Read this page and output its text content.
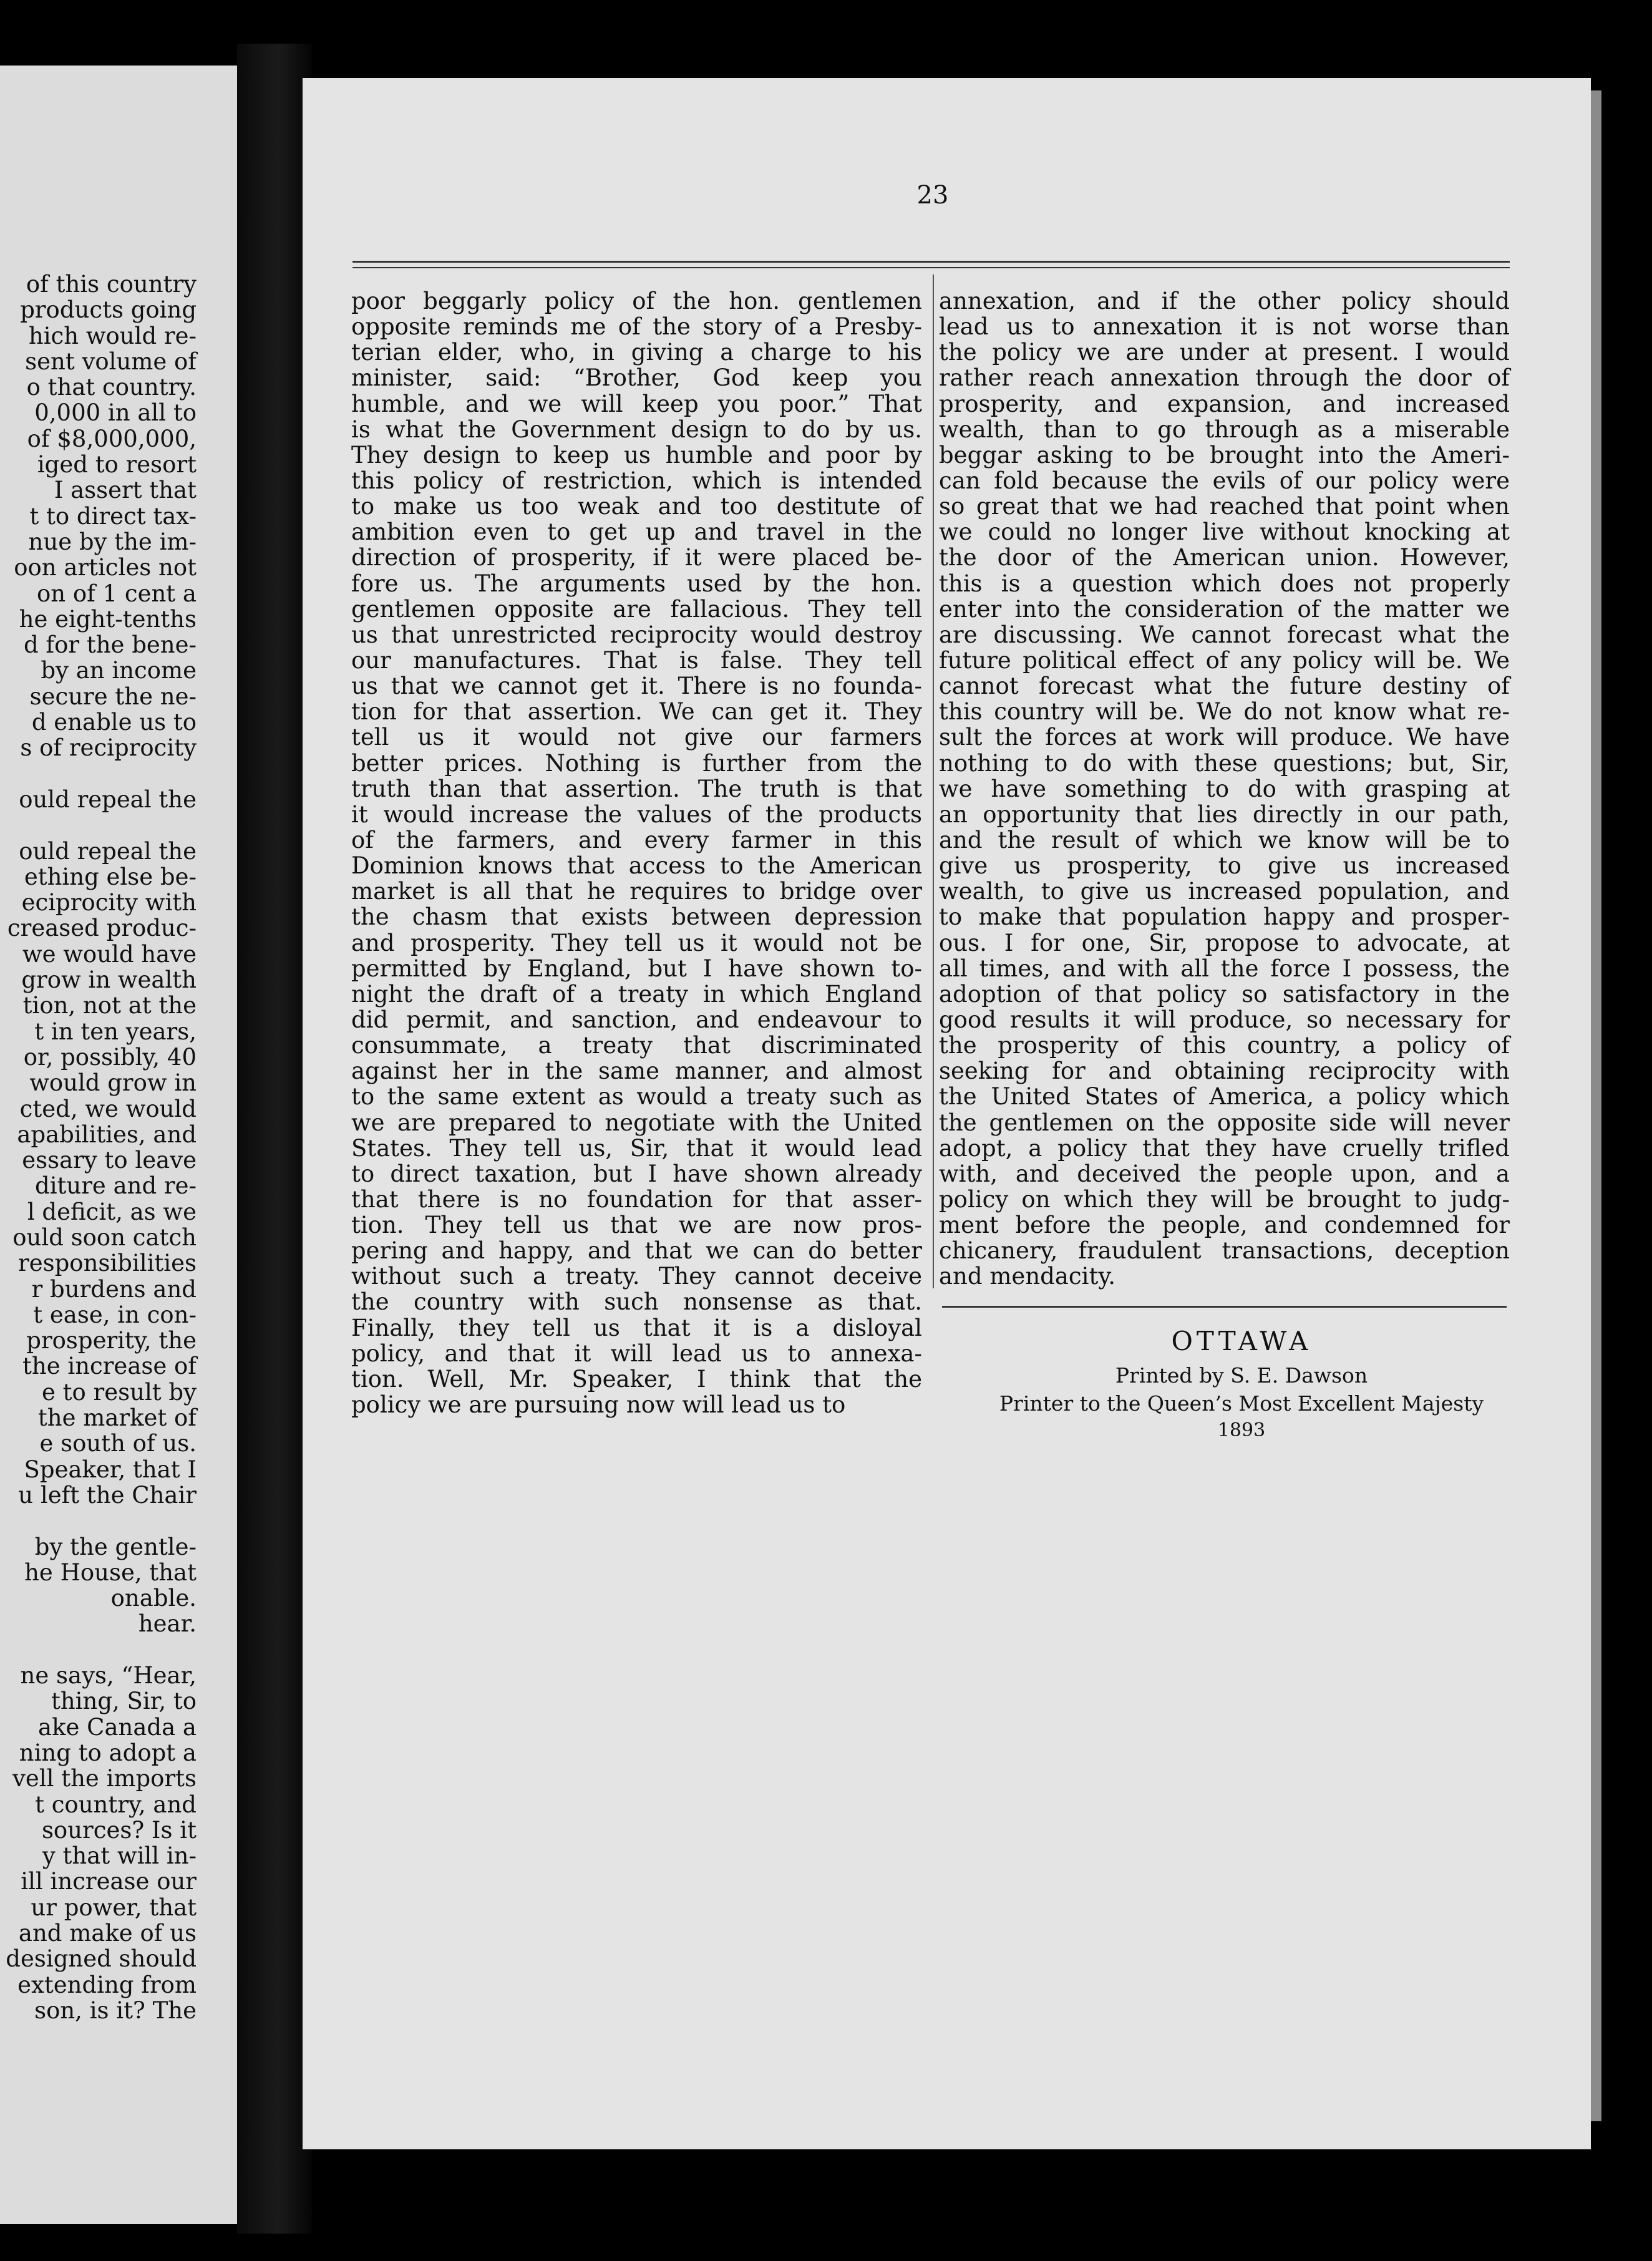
of this country
products going
hich would re-
sent volume of
o that country.
0,000 in all to
of $8,000,000,
iged to resort
I assert that
t to direct tax-
nue by the im-
oon articles not
on of 1 cent a
he eight-tenths
d for the bene-
by an income
secure the ne-
d enable us to
s of reciprocity
ould repeal the
ould repeal the
ething else be-
eciprocity with
creased produc-
we would have
grow in wealth
tion, not at the
t in ten years,
or, possibly, 40
would grow in
cted, we would
apabilities, and
essary to leave
diture and re-
l deficit, as we
ould soon catch
responsibilities
r burdens and
t ease, in con-
prosperity, the
the increase of
e to result by
the market of
e south of us.
Speaker, that I
u left the Chair
by the gentle-
he House, that
onable.
hear.
ne says, “Hear,
thing, Sir, to
ake Canada a
ning to adopt a
vell the imports
t country, and
sources? Is it
y that will in-
ill increase our
ur power, that
and make of us
designed should
extending from
son, is it? The
23
poor beggarly policy of the hon. gentlemen
opposite reminds me of the story of a Presby-
terian elder, who, in giving a charge to his
minister, said: “Brother, God keep you
humble, and we will keep you poor.” That
is what the Government design to do by us.
They design to keep us humble and poor by
this policy of restriction, which is intended
to make us too weak and too destitute of
ambition even to get up and travel in the
direction of prosperity, if it were placed be-
fore us. The arguments used by the hon.
gentlemen opposite are fallacious. They tell
us that unrestricted reciprocity would destroy
our manufactures. That is false. They tell
us that we cannot get it. There is no founda-
tion for that assertion. We can get it. They
tell us it would not give our farmers
better prices. Nothing is further from the
truth than that assertion. The truth is that
it would increase the values of the products
of the farmers, and every farmer in this
Dominion knows that access to the American
market is all that he requires to bridge over
the chasm that exists between depression
and prosperity. They tell us it would not be
permitted by England, but I have shown to-
night the draft of a treaty in which England
did permit, and sanction, and endeavour to
consummate, a treaty that discriminated
against her in the same manner, and almost
to the same extent as would a treaty such as
we are prepared to negotiate with the United
States. They tell us, Sir, that it would lead
to direct taxation, but I have shown already
that there is no foundation for that asser-
tion. They tell us that we are now pros-
pering and happy, and that we can do better
without such a treaty. They cannot deceive
the country with such nonsense as that.
Finally, they tell us that it is a disloyal
policy, and that it will lead us to annexa-
tion. Well, Mr. Speaker, I think that the
policy we are pursuing now will lead us to
annexation, and if the other policy should
lead us to annexation it is not worse than
the policy we are under at present. I would
rather reach annexation through the door of
prosperity, and expansion, and increased
wealth, than to go through as a miserable
beggar asking to be brought into the Ameri-
can fold because the evils of our policy were
so great that we had reached that point when
we could no longer live without knocking at
the door of the American union. However,
this is a question which does not properly
enter into the consideration of the matter we
are discussing. We cannot forecast what the
future political effect of any policy will be. We
cannot forecast what the future destiny of
this country will be. We do not know what re-
sult the forces at work will produce. We have
nothing to do with these questions; but, Sir,
we have something to do with grasping at
an opportunity that lies directly in our path,
and the result of which we know will be to
give us prosperity, to give us increased
wealth, to give us increased population, and
to make that population happy and prosper-
ous. I for one, Sir, propose to advocate, at
all times, and with all the force I possess, the
adoption of that policy so satisfactory in the
good results it will produce, so necessary for
the prosperity of this country, a policy of
seeking for and obtaining reciprocity with
the United States of America, a policy which
the gentlemen on the opposite side will never
adopt, a policy that they have cruelly trifled
with, and deceived the people upon, and a
policy on which they will be brought to judg-
ment before the people, and condemned for
chicanery, fraudulent transactions, deception
and mendacity.
OTTAWA
Printed by S. E. Dawson
Printer to the Queen’s Most Excellent Majesty
1893
